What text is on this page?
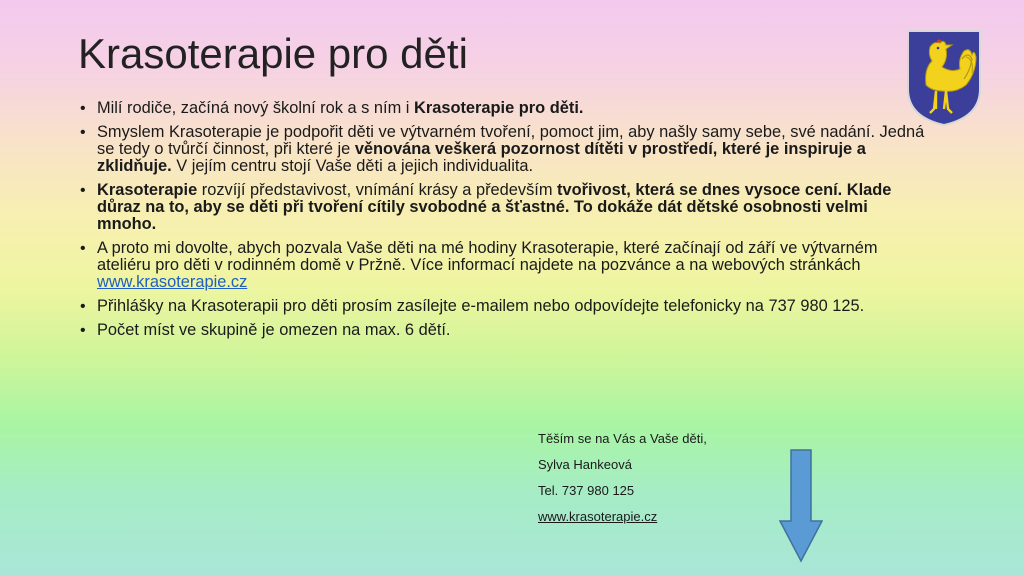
Krasoterapie pro děti
• Milí rodiče, začíná nový školní rok a s ním i Krasoterapie pro děti.
• Smyslem Krasoterapie je podpořit děti ve výtvarném tvoření, pomoct jim, aby našly samy sebe, své nadání. Jedná se tedy o tvůrčí činnost, při které je věnována veškerá pozornost dítěti v prostředí, které je inspiruje a zklidňuje. V jejím centru stojí Vaše děti a jejich individualita.
• Krasoterapie rozvíjí představivost, vnímání krásy a především tvořivost, která se dnes vysoce cení. Klade důraz na to, aby se děti při tvoření cítily svobodné a šťastné. To dokáže dát dětské osobnosti velmi mnoho.
• A proto mi dovolte, abych pozvala Vaše děti na mé hodiny Krasoterapie, které začínají od září ve výtvarném ateliéru pro děti v rodinném domě v Pržně. Více informací najdete na pozvánce a na webových stránkách www.krasoterapie.cz
• Přihlášky na Krasoterapii pro děti prosím zasílejte e-mailem nebo odpovídejte telefonicky na 737 980 125.
• Počet míst ve skupině je omezen na max. 6 dětí.
Těším se na Vás a Vaše děti,
Sylva Hankeová
Tel. 737 980 125
www.krasoterapie.cz
